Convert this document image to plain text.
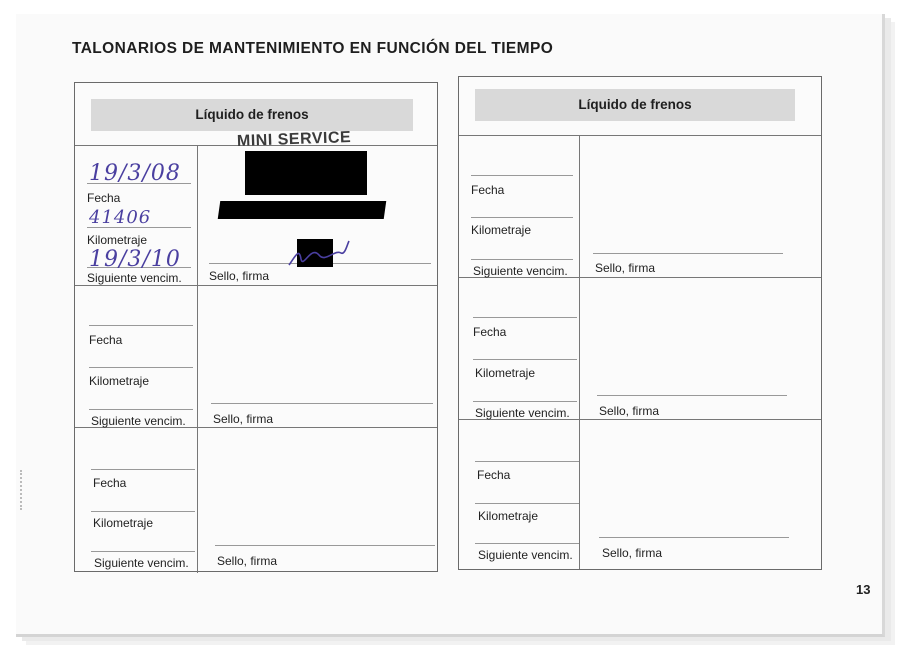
TALONARIOS DE MANTENIMIENTO EN FUNCIÓN DEL TIEMPO
Líquido de frenos
Fecha
Kilometraje
Siguiente vencim. Sello, firma
19/3/08
41406
19/3/10
MINI SERVICE
Fecha
Kilometraje
Siguiente vencim. Sello, firma
Fecha
Kilometraje
Siguiente vencim. Sello, firma
Líquido de frenos
Fecha
Kilometraje
Siguiente vencim. Sello, firma
Fecha
Kilometraje
Siguiente vencim. Sello, firma
Fecha
Kilometraje
Siguiente vencim. Sello, firma
13
